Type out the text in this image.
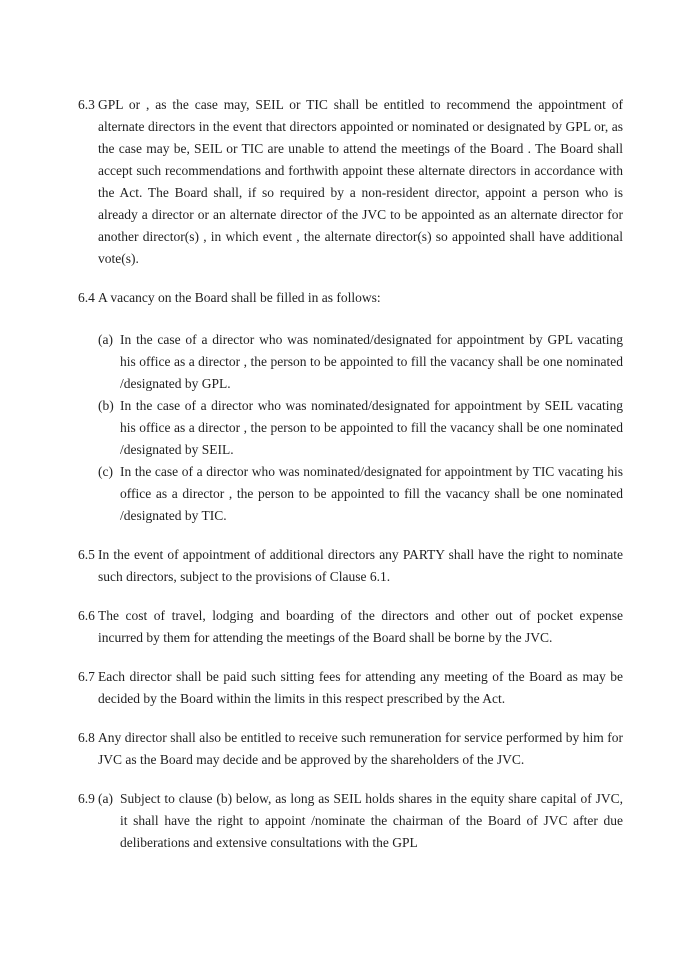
6.3 GPL or , as the case may, SEIL or TIC shall be entitled to recommend the appointment of alternate directors in the event that directors appointed or nominated or designated by GPL or, as the case may be, SEIL or TIC are unable to attend the meetings of the Board . The Board shall accept such recommendations and forthwith appoint these alternate directors in accordance with the Act. The Board shall, if so required by a non-resident director, appoint a person who is already a director or an alternate director of the JVC to be appointed as an alternate director for another director(s) , in which event , the alternate director(s) so appointed shall have additional vote(s).
6.4 A vacancy on the Board shall be filled in as follows:
(a) In the case of a director who was nominated/designated for appointment by GPL vacating his office as a director , the person to be appointed to fill the vacancy shall be one nominated /designated by GPL.
(b) In the case of a director who was nominated/designated for appointment by SEIL vacating his office as a director , the person to be appointed to fill the vacancy shall be one nominated /designated by SEIL.
(c) In the case of a director who was nominated/designated for appointment by TIC vacating his office as a director , the person to be appointed to fill the vacancy shall be one nominated /designated by TIC.
6.5 In the event of appointment of additional directors any PARTY shall have the right to nominate such directors, subject to the provisions of Clause 6.1.
6.6 The cost of travel, lodging and boarding of the directors and other out of pocket expense incurred by them for attending the meetings of the Board shall be borne by the JVC.
6.7 Each director shall be paid such sitting fees for attending any meeting of the Board as may be decided by the Board within the limits in this respect prescribed by the Act.
6.8 Any director shall also be entitled to receive such remuneration for service performed by him for JVC as the Board may decide and be approved by the shareholders of the JVC.
6.9 (a) Subject to clause (b) below, as long as SEIL holds shares in the equity share capital of JVC, it shall have the right to appoint /nominate the chairman of the Board of JVC after due deliberations and extensive consultations with the GPL
